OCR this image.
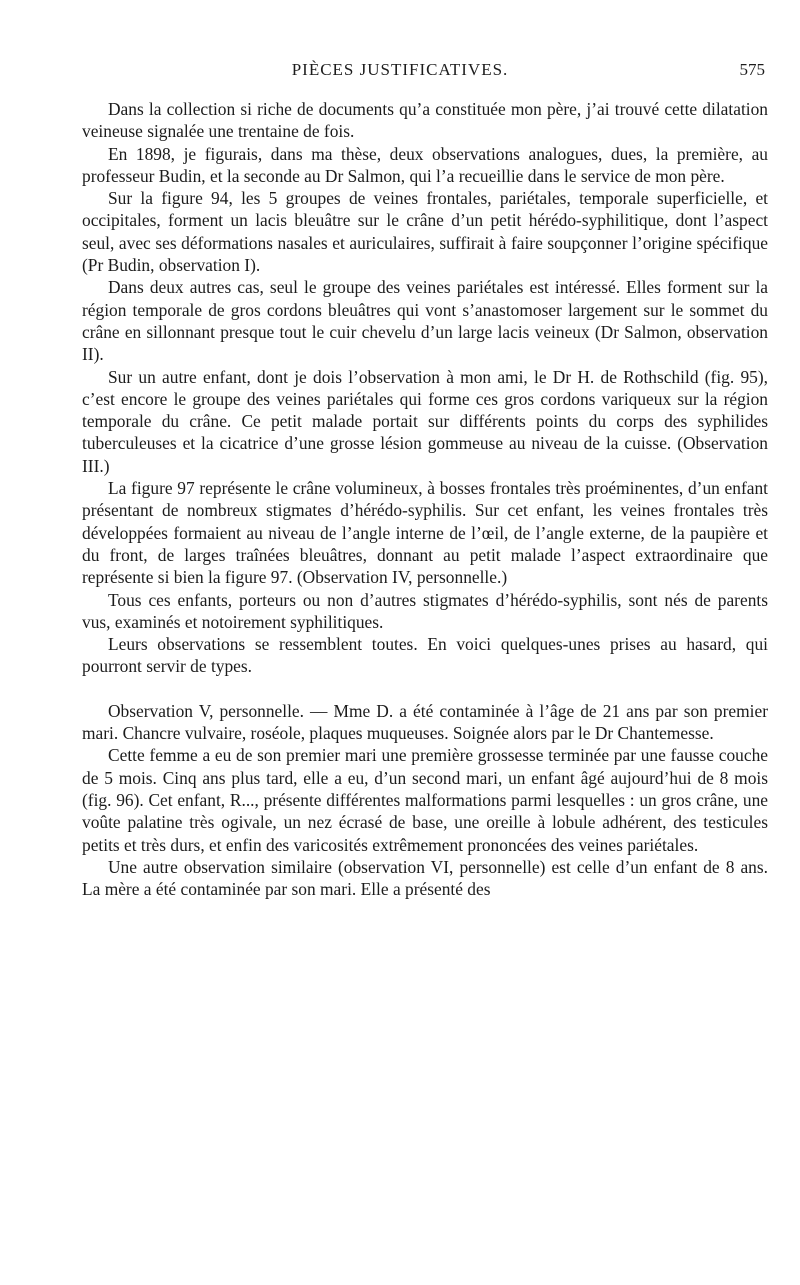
PIÈCES JUSTIFICATIVES.	575

Dans la collection si riche de documents qu’a constituée mon père, j’ai trouvé cette dilatation veineuse signalée une trentaine de fois.

En 1898, je figurais, dans ma thèse, deux observations analogues, dues, la première, au professeur Budin, et la seconde au Dr Salmon, qui l’a recueillie dans le service de mon père.

Sur la figure 94, les 5 groupes de veines frontales, pariétales, temporale superficielle, et occipitales, forment un lacis bleuâtre sur le crâne d’un petit hérédo-syphilitique, dont l’aspect seul, avec ses déformations nasales et auriculaires, suffirait à faire soupçonner l’origine spécifique (Pr Budin, observation I).

Dans deux autres cas, seul le groupe des veines pariétales est intéressé. Elles forment sur la région temporale de gros cordons bleuâtres qui vont s’anastomoser largement sur le sommet du crâne en sillonnant presque tout le cuir chevelu d’un large lacis veineux (Dr Salmon, observation II).

Sur un autre enfant, dont je dois l’observation à mon ami, le Dr H. de Rothschild (fig. 95), c’est encore le groupe des veines pariétales qui forme ces gros cordons variqueux sur la région temporale du crâne. Ce petit malade portait sur différents points du corps des syphilides tuberculeuses et la cicatrice d’une grosse lésion gommeuse au niveau de la cuisse. (Observation III.)

La figure 97 représente le crâne volumineux, à bosses frontales très proéminentes, d’un enfant présentant de nombreux stigmates d’hérédo-syphilis. Sur cet enfant, les veines frontales très développées formaient au niveau de l’angle interne de l’œil, de l’angle externe, de la paupière et du front, de larges traînées bleuâtres, donnant au petit malade l’aspect extraordinaire que représente si bien la figure 97. (Observation IV, personnelle.)

Tous ces enfants, porteurs ou non d’autres stigmates d’hérédo-syphilis, sont nés de parents vus, examinés et notoirement syphilitiques.

Leurs observations se ressemblent toutes. En voici quelques-unes prises au hasard, qui pourront servir de types.

Observation V, personnelle. — Mme D. a été contaminée à l’âge de 21 ans par son premier mari. Chancre vulvaire, roséole, plaques muqueuses. Soignée alors par le Dr Chantemesse.

Cette femme a eu de son premier mari une première grossesse terminée par une fausse couche de 5 mois. Cinq ans plus tard, elle a eu, d’un second mari, un enfant âgé aujourd’hui de 8 mois (fig. 96). Cet enfant, R..., présente différentes malformations parmi lesquelles : un gros crâne, une voûte palatine très ogivale, un nez écrasé de base, une oreille à lobule adhérent, des testicules petits et très durs, et enfin des varicosités extrêmement prononcées des veines pariétales.

Une autre observation similaire (observation VI, personnelle) est celle d’un enfant de 8 ans. La mère a été contaminée par son mari. Elle a présenté des
